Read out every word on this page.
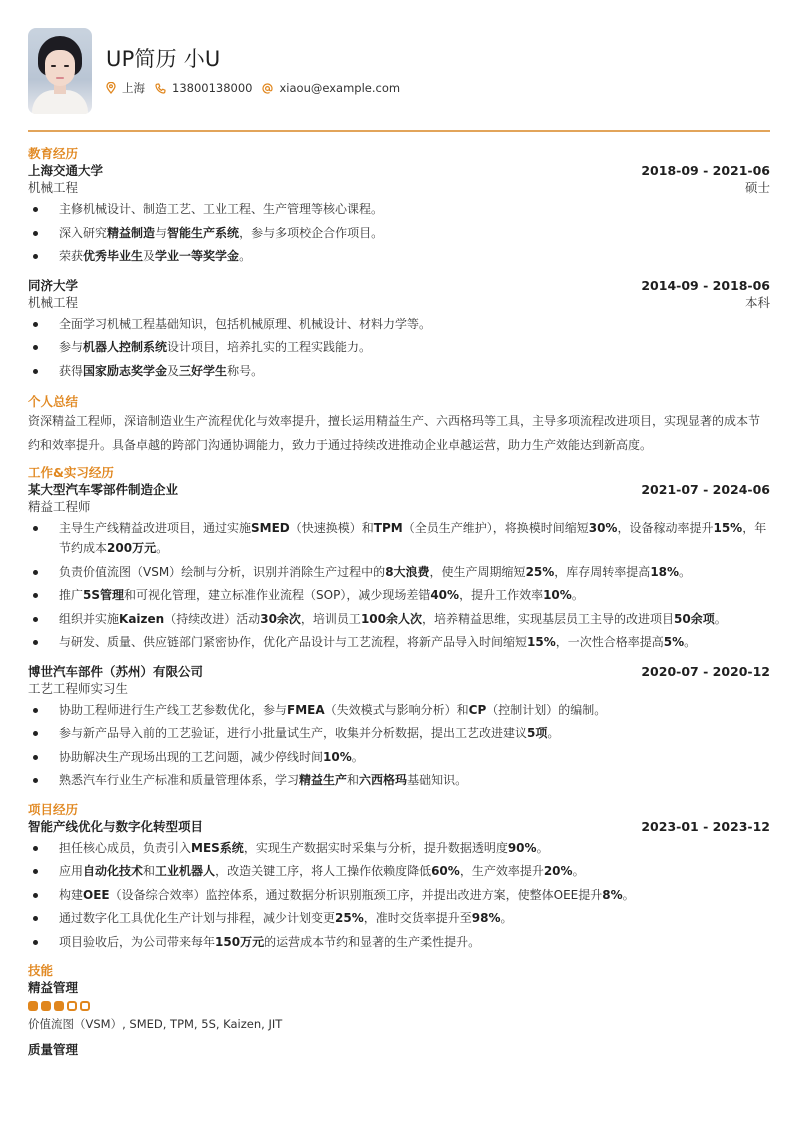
UP简历 小U
上海 13800138000 xiaou@example.com
教育经历
上海交通大学	2018-09 - 2021-06
机械工程	硕士
主修机械设计、制造工艺、工业工程、生产管理等核心课程。
深入研究精益制造与智能生产系统，参与多项校企合作项目。
荣获优秀毕业生及学业一等奖学金。
同济大学	2014-09 - 2018-06
机械工程	本科
全面学习机械工程基础知识，包括机械原理、机械设计、材料力学等。
参与机器人控制系统设计项目，培养扎实的工程实践能力。
获得国家励志奖学金及三好学生称号。
个人总结
资深精益工程师，深谙制造业生产流程优化与效率提升，擅长运用精益生产、六西格玛等工具，主导多项流程改进项目，实现显著的成本节约和效率提升。具备卓越的跨部门沟通协调能力，致力于通过持续改进推动企业卓越运营，助力生产效能达到新高度。
工作&实习经历
某大型汽车零部件制造企业	2021-07 - 2024-06
精益工程师
主导生产线精益改进项目，通过实施SMED（快速换模）和TPM（全员生产维护），将换模时间缩短30%，设备稼动率提升15%，年节约成本200万元。
负责价值流图（VSM）绘制与分析，识别并消除生产过程中的8大浪费，使生产周期缩短25%，库存周转率提高18%。
推广5S管理和可视化管理，建立标准作业流程（SOP），减少现场差错40%，提升工作效率10%。
组织并实施Kaizen（持续改进）活动30余次，培训员工100余人次，培养精益思维，实现基层员工主导的改进项目50余项。
与研发、质量、供应链部门紧密协作，优化产品设计与工艺流程，将新产品导入时间缩短15%，一次性合格率提高5%。
博世汽车部件（苏州）有限公司	2020-07 - 2020-12
工艺工程师实习生
协助工程师进行生产线工艺参数优化，参与FMEA（失效模式与影响分析）和CP（控制计划）的编制。
参与新产品导入前的工艺验证，进行小批量试生产，收集并分析数据，提出工艺改进建议5项。
协助解决生产现场出现的工艺问题，减少停线时间10%。
熟悉汽车行业生产标准和质量管理体系，学习精益生产和六西格玛基础知识。
项目经历
智能产线优化与数字化转型项目	2023-01 - 2023-12
担任核心成员，负责引入MES系统，实现生产数据实时采集与分析，提升数据透明度90%。
应用自动化技术和工业机器人，改造关键工序，将人工操作依赖度降低60%，生产效率提升20%。
构建OEE（设备综合效率）监控体系，通过数据分析识别瓶颈工序，并提出改进方案，使整体OEE提升8%。
通过数字化工具优化生产计划与排程，减少计划变更25%，准时交货率提升至98%。
项目验收后，为公司带来每年150万元的运营成本节约和显著的生产柔性提升。
技能
精益管理
价值流图（VSM）, SMED, TPM, 5S, Kaizen, JIT
质量管理
